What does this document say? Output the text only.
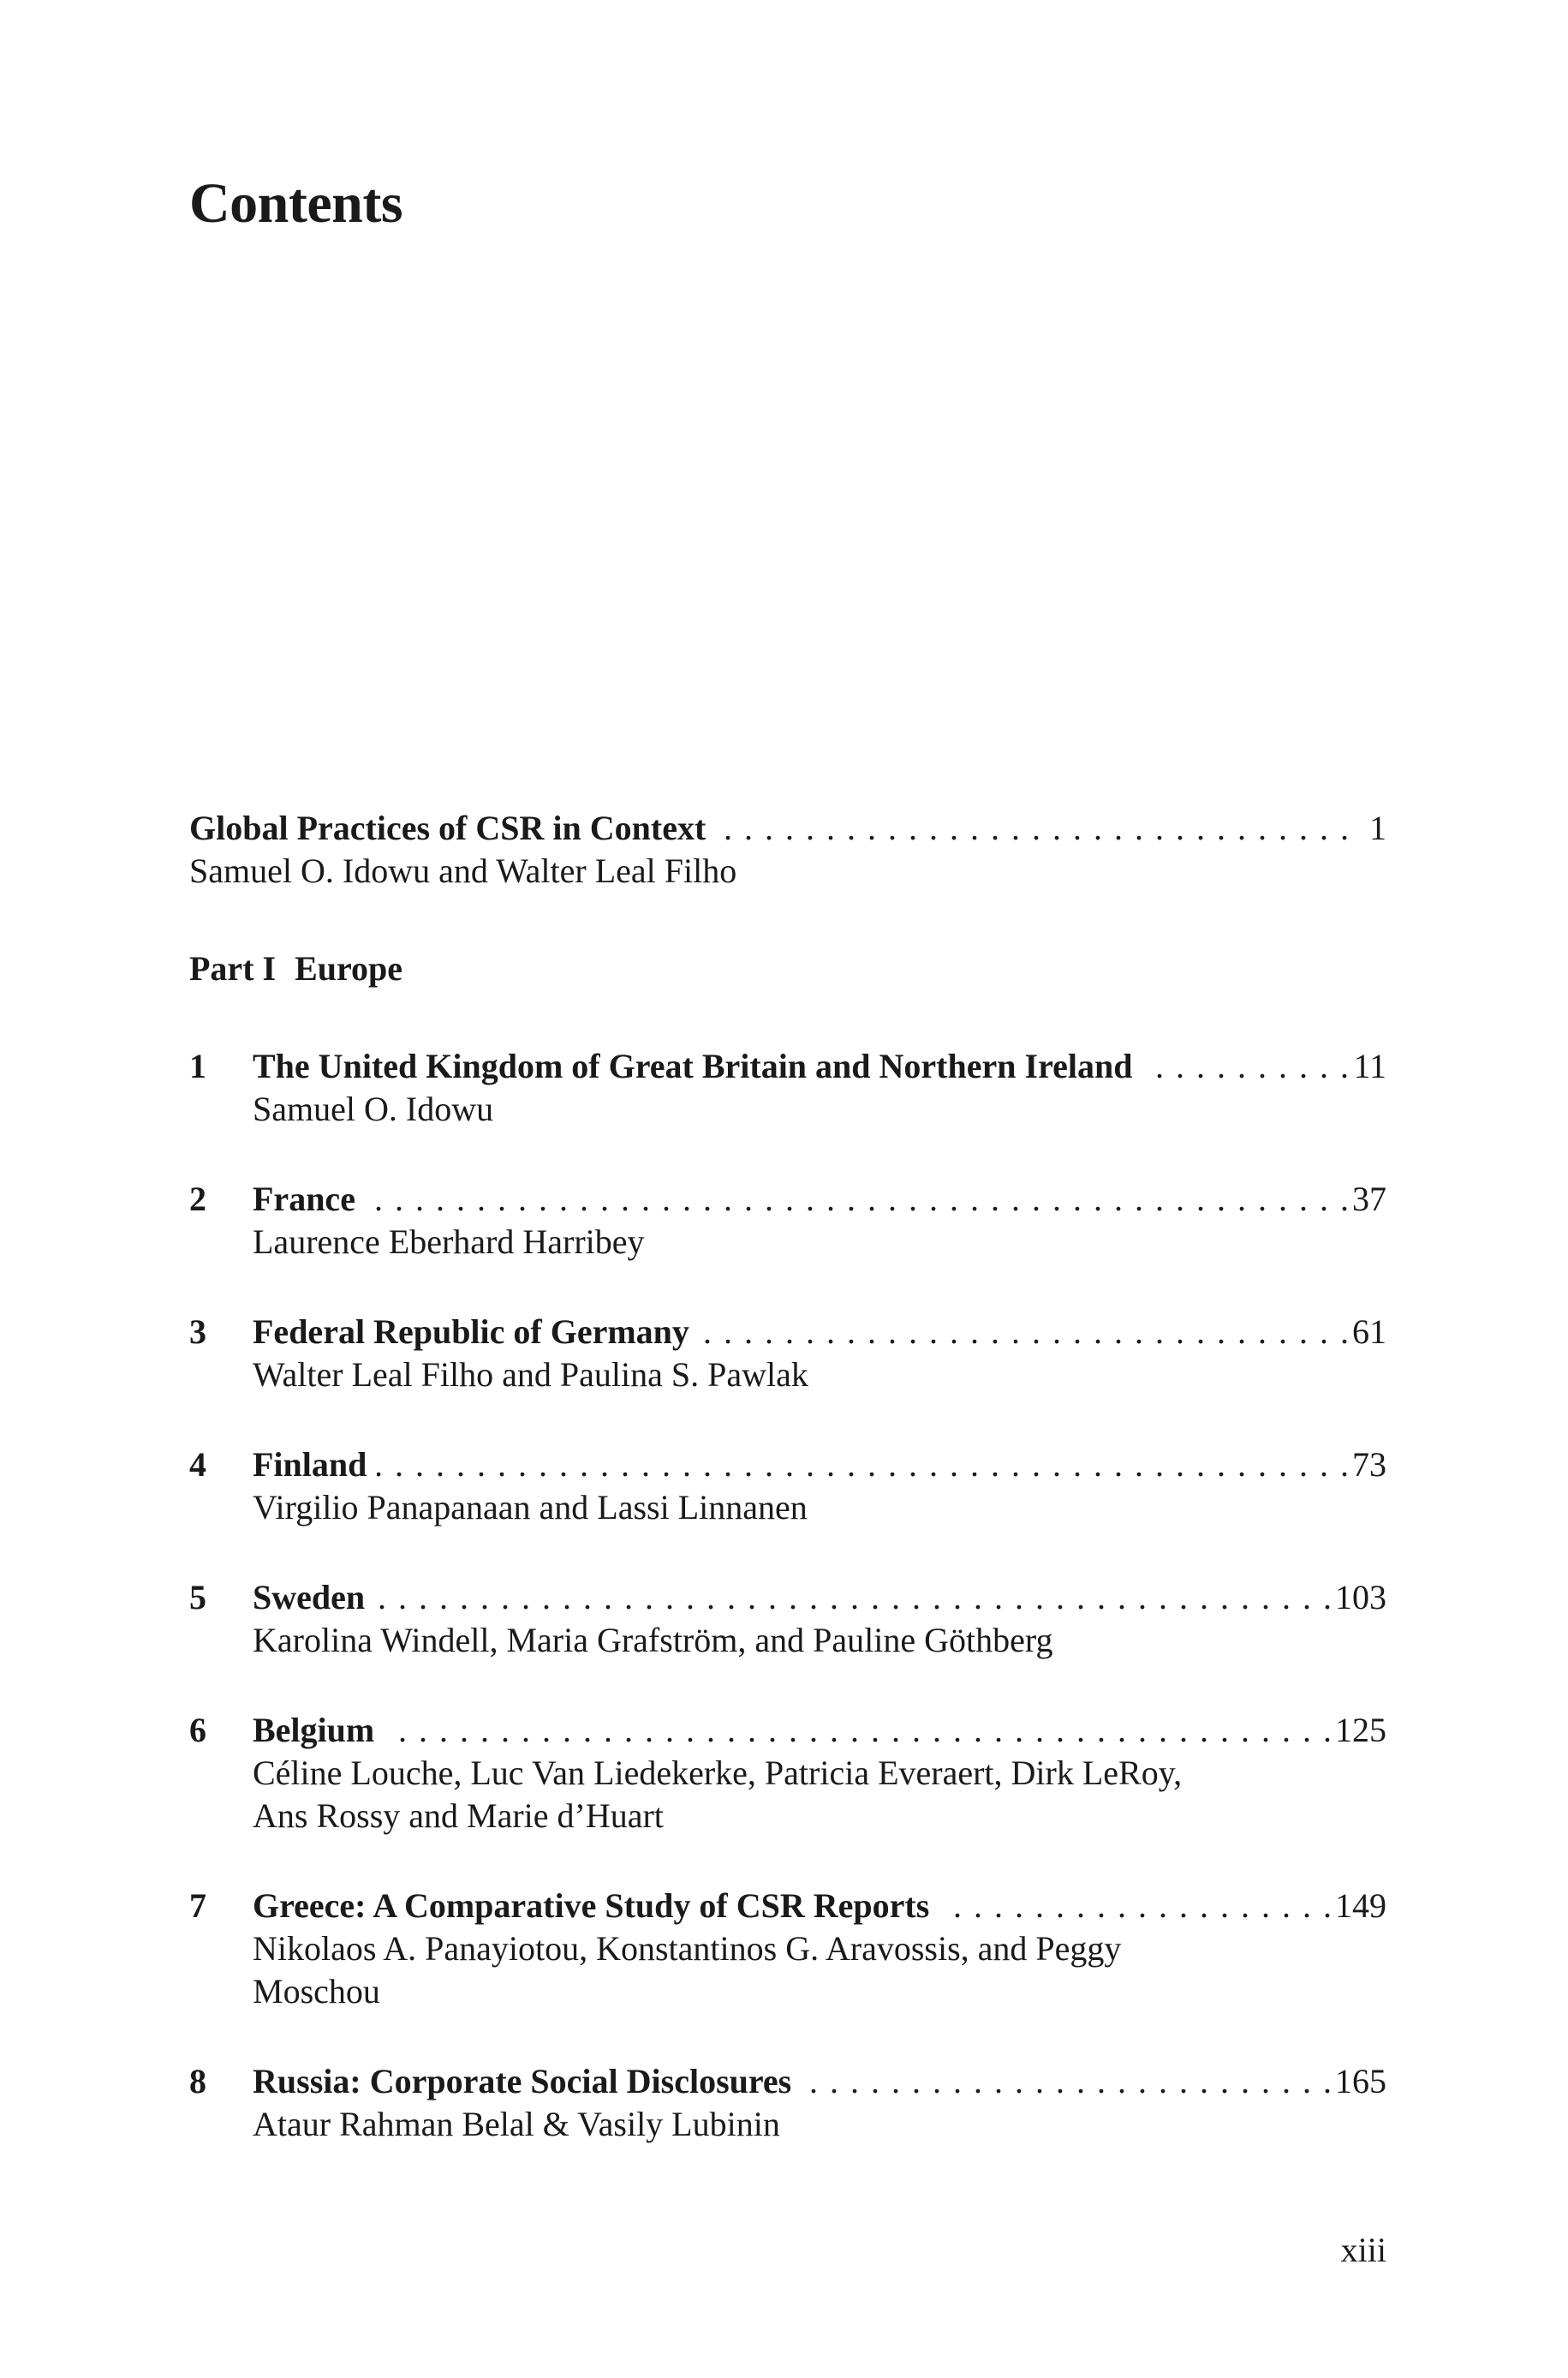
Contents
Global Practices of CSR in Context . . .	1

Samuel O. Idowu and Walter Leal Filho

Part I Europe
1	The United Kingdom of Great Britain and Northern Ireland . . .	11

Samuel O. Idowu

2	France . . .	37

Laurence Eberhard Harribey

3	Federal Republic of Germany . . .	61

Walter Leal Filho and Paulina S. Pawlak

4	Finland . . .	73

Virgilio Panapanaan and Lassi Linnanen

5	Sweden . . .	103

Karolina Windell, Maria Grafström, and Pauline Göthberg

6	Belgium . . .	125

Céline Louche, Luc Van Liedekerke, Patricia Everaert, Dirk LeRoy,

Ans Rossy and Marie d’Huart

7	Greece: A Comparative Study of CSR Reports . . .	149

Nikolaos A. Panayiotou, Konstantinos G. Aravossis, and Peggy

Moschou

8	Russia: Corporate Social Disclosures . . .	165

Ataur Rahman Belal & Vasily Lubinin

xiii
